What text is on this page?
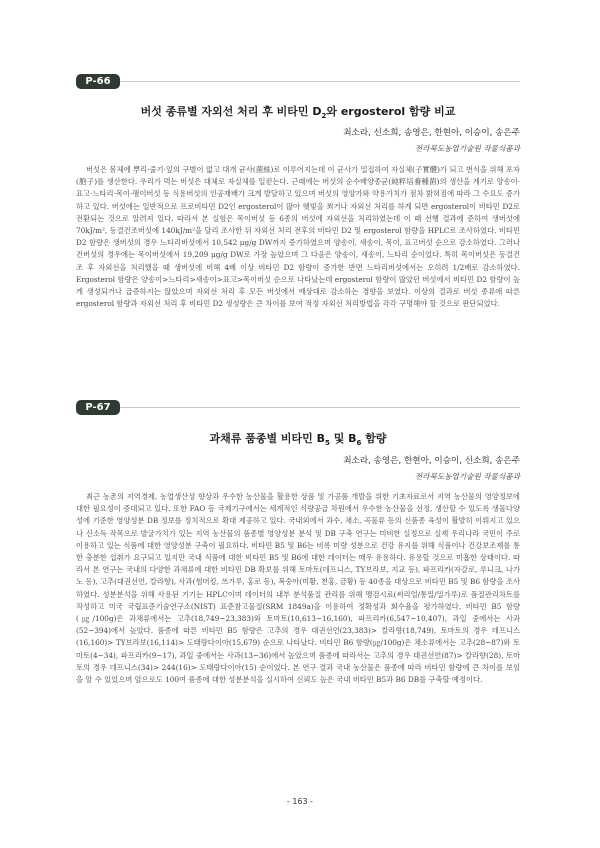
P-66
버섯 종류별 자외선 처리 후 비타민 $D_2$와 ergosterol 함량 비교
최소라, 신소희, 송영은, 한현아, 이승이, 송은주
전라북도농업기술원 작물식품과

버섯은 몸체에 뿌리·줄기·잎의 구별이 없고 대개 균사(菌絲)로 이루어지는데 이 균사가 밀집하여 자실체(子實體)가 되고 번식을 위해 포자(胞子)를 생산한다. 우리가 먹는 버섯은 대체로 자실체를 일컫는다. 근래에는 버섯의 순수배양종균(純粹培養種菌)의 생산을 계기로 양송이·표고·느타리·목이·팽이버섯 등 식용버섯의 인공재배가 크게 발달하고 있으며 버섯의 영양가와 약용가치가 점차 밝혀짐에 따라 그 수요도 증가하고 있다. 버섯에는 일반적으로 프로비타민 D2인 ergosterol이 많아 햇빛을 쬐거나 자외선 처리를 하게 되면 ergosterol이 비타민 D2로 전환되는 것으로 알려져 있다. 따라서 본 실험은 목이버섯 등 6종의 버섯에 자외선을 처리하였는데 이 때 선행 결과에 준하여 생버섯에 70kJ/m², 동결건조버섯에 140kJ/m²을 달리 조사한 뒤 자외선 처리 전후의 비타민 D2 및 ergosterol 함량을 HPLC로 조사하였다. 비타민 D2 함량은 생버섯의 경우 느타리버섯에서 10,542 μg/g DW까지 증가하였으며 양송이, 새송이, 목이, 표고버섯 순으로 감소하였다. 그러나 건버섯의 경우에는 목이버섯에서 19,209 μg/g DW로 가장 높았으며 그 다음은 양송이, 새송이, 느타리 순이었다. 특히 목이버섯은 동결건조 후 자외선을 처리했을 때 생버섯에 비해 4배 이상 비타민 D2 함량이 증가한 반면 느타리버섯에서는 오히려 1/2배로 감소하였다. Ergosterol 함량은 양송이>느타리>새송이>표고>목이버섯 순으로 나타났는데 ergosterol 함량이 많았던 버섯에서 비타민 D2 함량이 높게 생성되거나 급증하지는 않았으며 자외선 처리 후 모든 버섯에서 예상대로 감소하는 경향을 보였다. 이상의 결과로 버섯 종류에 따른 ergosterol 함량과 자외선 처리 후 비타민 D2 생성량은 큰 차이를 보여 적정 자외선 처리방법을 각각 구명해야 할 것으로 판단되었다.

P-67
과채류 품종별 비타민 $B_5$ 및 $B_6$ 함량
최소라, 송영은, 한현아, 이승이, 신소희, 송은주
전라북도농업기술원 작물식품과

최근 농촌의 지역경제, 농업생산성 향상과 우수한 농산물을 활용한 상품 및 가공품 개발을 위한 기초자료로서 지역 농산물의 영양정보에 대한 필요성이 증대되고 있다. 또한 FAO 등 국제기구에서는 세계적인 식량공급 차원에서 우수한 농산물을 선정, 생산할 수 있도록 생물다양성에 기준한 영양성분 DB 정보를 정치적으로 확대 제공하고 있다. 국내외에서 과수, 채소, 곡물류 등의 신품종 육성이 활발히 이뤄지고 있으나 신소득 작목으로 발굴가치가 있는 지역 농산물의 품종별 영양성분 분석 및 DB 구축 연구는 미비한 실정으로 실제 우리나라 국민이 주로 이용하고 있는 식품에 대한 영양성분 구축이 필요하다. 비타민 B5 및 B6는 비록 미량 성분으로 건강 유지를 위해 식품이나 건강보조제를 통한 충분한 섭취가 요구되고 있지만 국내 식품에 대한 비타민 B5 및 B6에 대한 데이터는 매우 유용하다. 유용할 것으로 미흡한 상태이다. 따라서 본 연구는 국내의 다양한 과채류에 대한 비타민 DB 확보를 위해 토마토(데프니스, TY브라보, 지교 등), 파프리카(자갈로, 루니크, 나가노 등), 고추(대권선언, 칼라향), 사과(썸머킹, 쓰가루, 홍로 등), 복숭아(미황, 천홍, 금황) 등 40종을 대상으로 비타민 B5 및 B6 함량을 조사하였다. 성분분석을 위해 사용된 기기는 HPLC이며 데이터의 내부 분석품질 관리를 위해 맹검시료(써리얼/통밀/밀가루)로 품질관리차트를 작성하고 미국 국립표준기술연구소(NIST) 표준참고물질(SRM 1849a)을 이용하여 정확성과 회수율을 평가하였다. 비타민 B5 함량(㎍/100g)은 과채류에서는 고추(18,749~23,383)와 토마토(10,613~16,160), 파프리카(6,547~10,407), 과일 중에서는 사과(52~394)에서 높았다. 품종에 따른 비타민 B5 함량은 고추의 경우 대권선언(23,383)> 칼라향(18,749), 토마토의 경우 데프니스(16,160)> TY브라보(16,114)> 도태랑다이아(15,679) 순으로 나타났다. 비타민 B6 함량(㎍/100g)은 채소류에서는 고추(28~87)와 토마토(4~34), 파프리카(9~17), 과일 중에서는 사과(13~36)에서 높았으며 품종에 따라서는 고추의 경우 대권선언(87)> 칼라향(28), 토마토의 경우 데프니스(34)> 244(16)> 도태랑다이아(15) 순이었다. 본 연구 결과 국내 농산물은 품종에 따라 비타민 함량에 큰 차이를 보임을 알 수 있었으며 앞으로도 100여 품종에 대한 성분분석을 실시하여 신뢰도 높은 국내 비타민 B5과 B6 DB를 구축할 예정이다.

- 163 -
